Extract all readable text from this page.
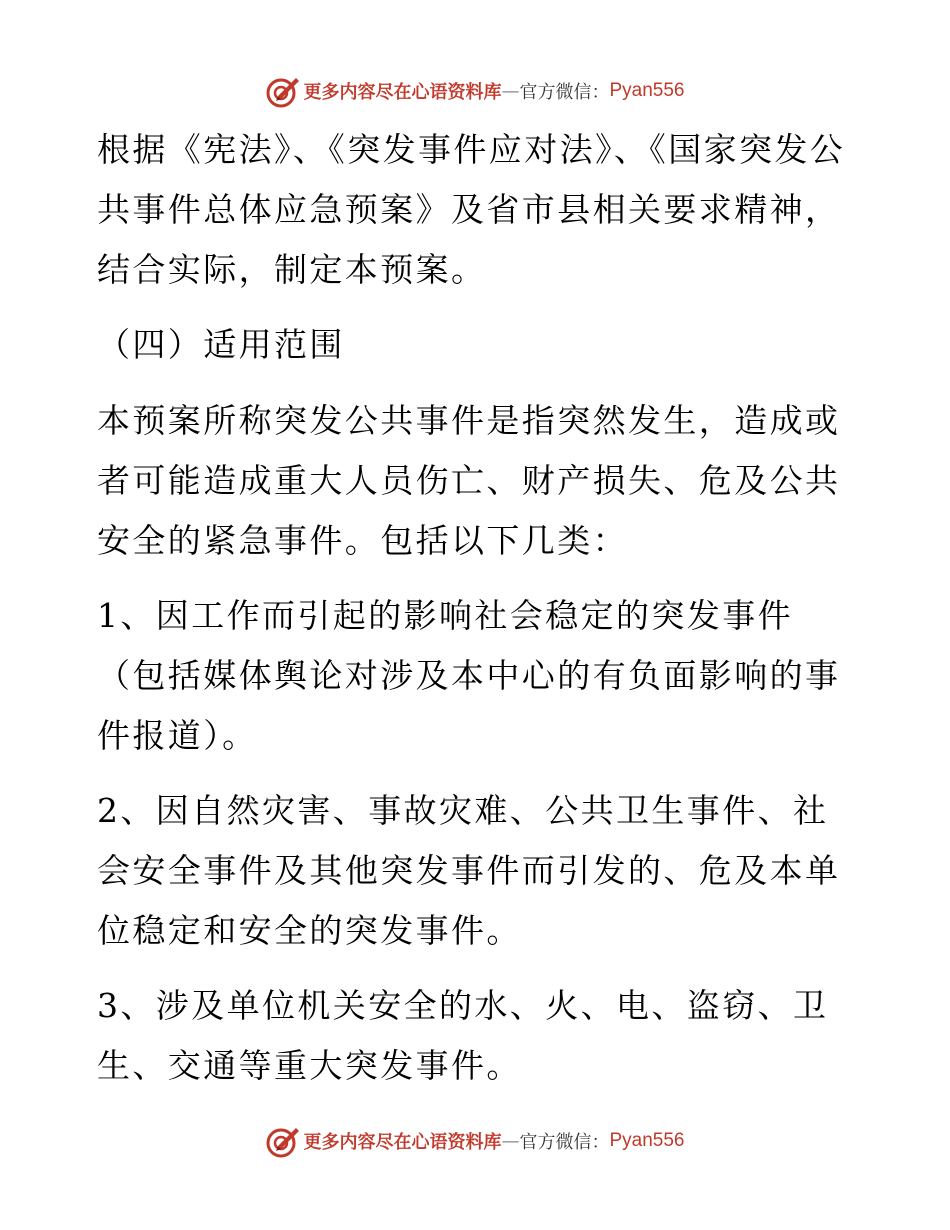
更多内容尽在心语资料库 — 官方微信： Pyan556

根据《宪法》、《突发事件应对法》、《国家突发公共事件总体应急预案》及省市县相关要求精神，结合实际，制定本预案。

（四）适用范围

本预案所称突发公共事件是指突然发生，造成或者可能造成重大人员伤亡、财产损失、危及公共安全的紧急事件。包括以下几类：

1、因工作而引起的影响社会稳定的突发事件（包括媒体舆论对涉及本中心的有负面影响的事件报道）。

2、因自然灾害、事故灾难、公共卫生事件、社会安全事件及其他突发事件而引发的、危及本单位稳定和安全的突发事件。

3、涉及单位机关安全的水、火、电、盗窃、卫生、交通等重大突发事件。

更多内容尽在心语资料库 — 官方微信： Pyan556
